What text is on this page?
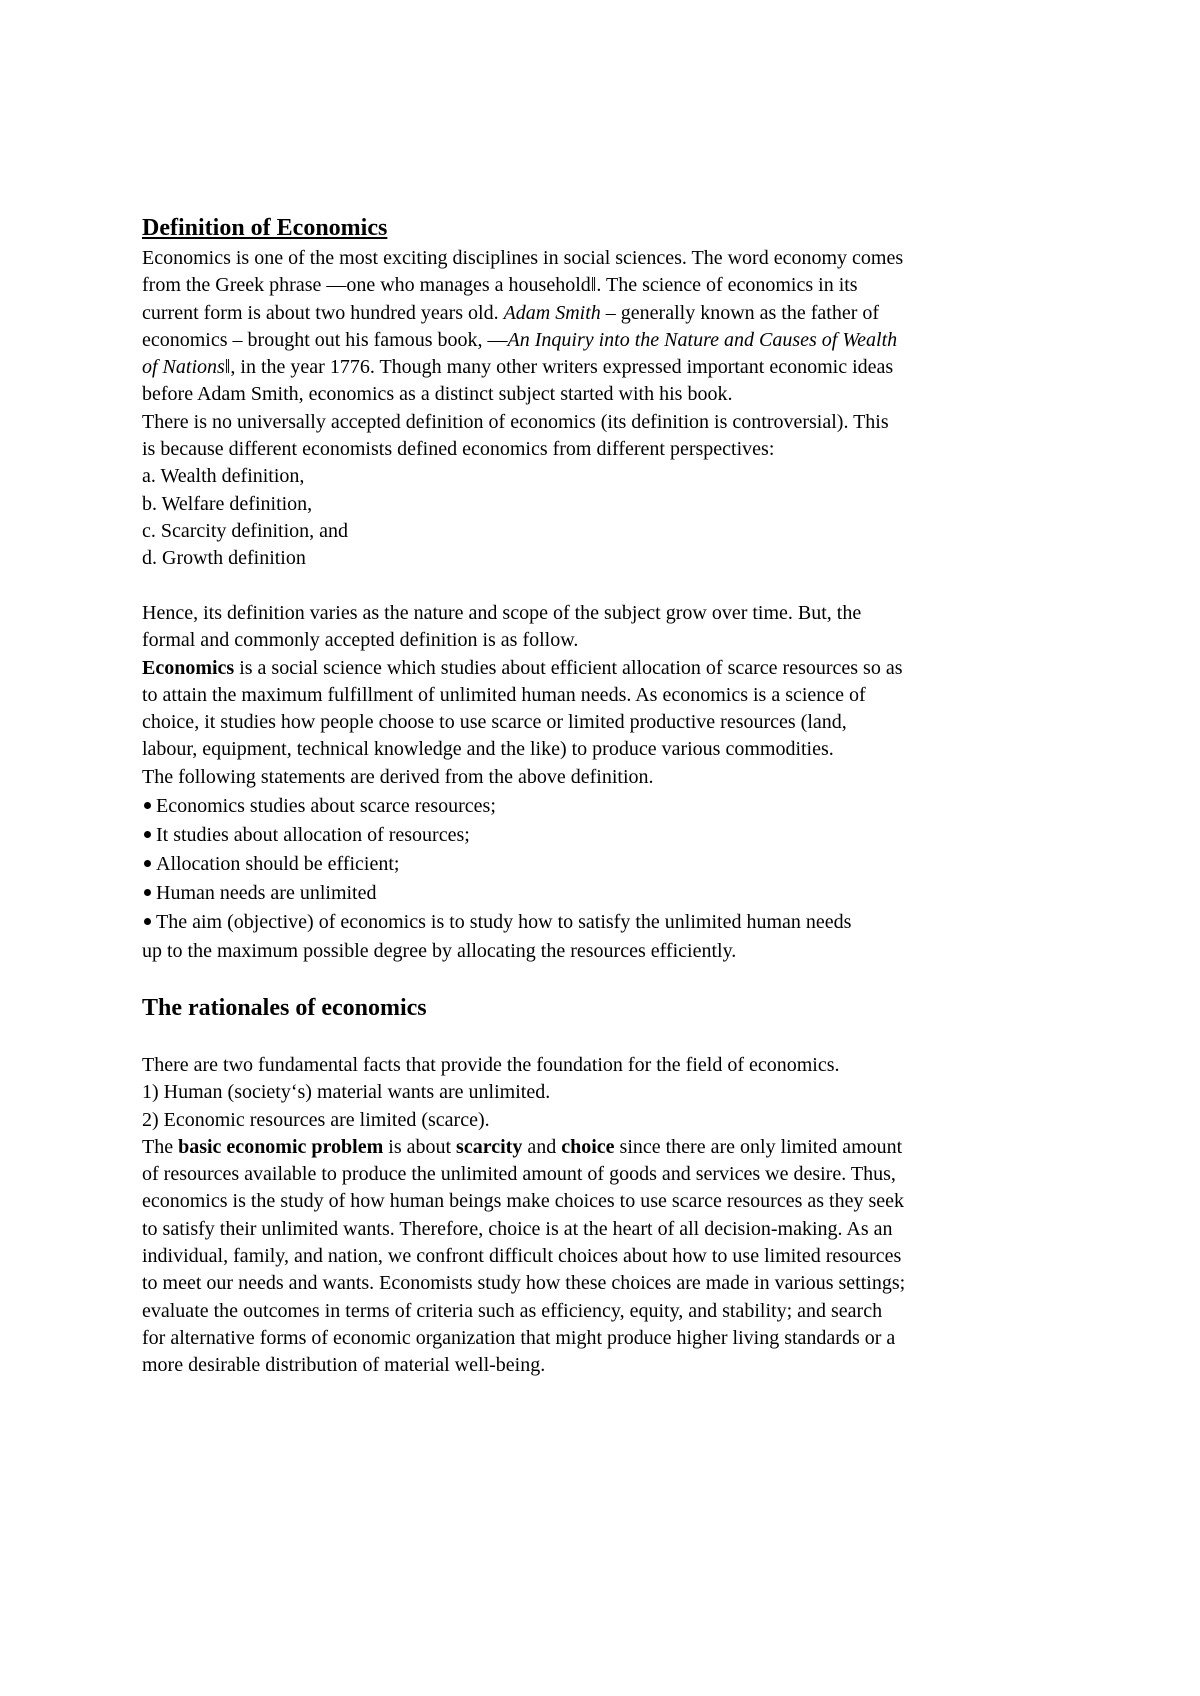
Definition of Economics
Economics is one of the most exciting disciplines in social sciences. The word economy comes
from the Greek phrase ―one who manages a household‖. The science of economics in its
current form is about two hundred years old. Adam Smith – generally known as the father of
economics – brought out his famous book, ―An Inquiry into the Nature and Causes of Wealth
of Nations‖, in the year 1776. Though many other writers expressed important economic ideas
before Adam Smith, economics as a distinct subject started with his book.
There is no universally accepted definition of economics (its definition is controversial). This
is because different economists defined economics from different perspectives:
a. Wealth definition,
b. Welfare definition,
c. Scarcity definition, and
d. Growth definition
Hence, its definition varies as the nature and scope of the subject grow over time. But, the
formal and commonly accepted definition is as follow.
Economics is a social science which studies about efficient allocation of scarce resources so as
to attain the maximum fulfillment of unlimited human needs. As economics is a science of
choice, it studies how people choose to use scarce or limited productive resources (land,
labour, equipment, technical knowledge and the like) to produce various commodities.
The following statements are derived from the above definition.
Economics studies about scarce resources;
It studies about allocation of resources;
Allocation should be efficient;
Human needs are unlimited
The aim (objective) of economics is to study how to satisfy the unlimited human needs
up to the maximum possible degree by allocating the resources efficiently.
The rationales of economics
There are two fundamental facts that provide the foundation for the field of economics.
1) Human (society‘s) material wants are unlimited.
2) Economic resources are limited (scarce).
The basic economic problem is about scarcity and choice since there are only limited amount
of resources available to produce the unlimited amount of goods and services we desire. Thus,
economics is the study of how human beings make choices to use scarce resources as they seek
to satisfy their unlimited wants. Therefore, choice is at the heart of all decision-making. As an
individual, family, and nation, we confront difficult choices about how to use limited resources
to meet our needs and wants. Economists study how these choices are made in various settings;
evaluate the outcomes in terms of criteria such as efficiency, equity, and stability; and search
for alternative forms of economic organization that might produce higher living standards or a
more desirable distribution of material well-being.
